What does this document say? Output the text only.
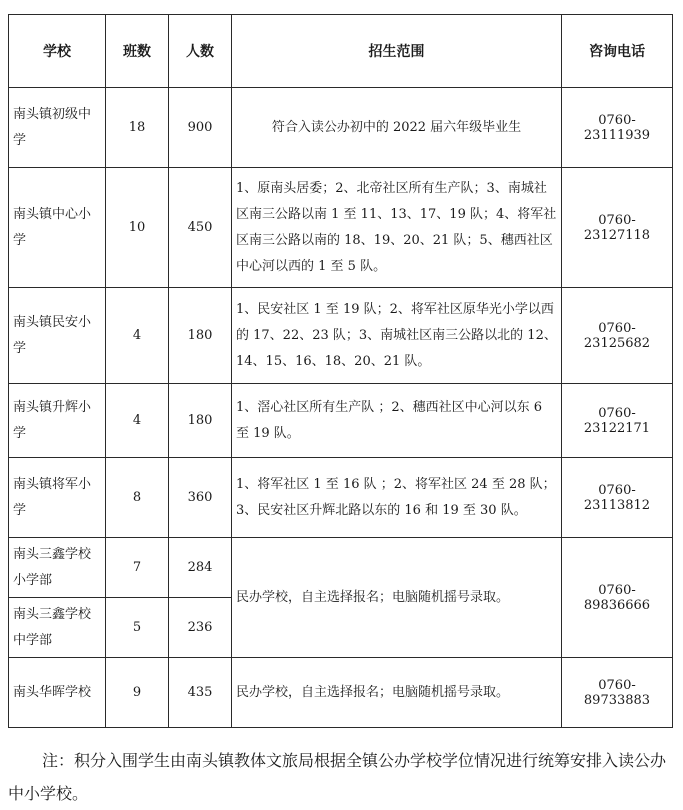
学校	班数	人数	招生范围	咨询电话
南头镇初级中学	18	900	符合入读公办初中的 2022 届六年级毕业生	0760-23111939
南头镇中心小学	10	450	1、原南头居委；2、北帝社区所有生产队；3、南城社区南三公路以南 1 至 11、13、17、19 队；4、将军社区南三公路以南的 18、19、20、21 队；5、穗西社区中心河以西的 1 至 5 队。	0760-23127118
南头镇民安小学	4	180	1、民安社区 1 至 19 队；2、将军社区原华光小学以西的 17、22、23 队；3、南城社区南三公路以北的 12、14、15、16、18、20、21 队。	0760-23125682
南头镇升辉小学	4	180	1、滘心社区所有生产队 ；2、穗西社区中心河以东 6 至 19 队。	0760-23122171
南头镇将军小学	8	360	1、将军社区 1 至 16 队 ；2、将军社区 24 至 28 队；3、民安社区升辉北路以东的 16 和 19 至 30 队。	0760-23113812
南头三鑫学校小学部	7	284	民办学校，自主选择报名；电脑随机摇号录取。	0760-89836666
南头三鑫学校中学部	5	236		
南头华晖学校	9	435	民办学校，自主选择报名；电脑随机摇号录取。	0760-89733883

注：积分入围学生由南头镇教体文旅局根据全镇公办学校学位情况进行统筹安排入读公办中小学校。
